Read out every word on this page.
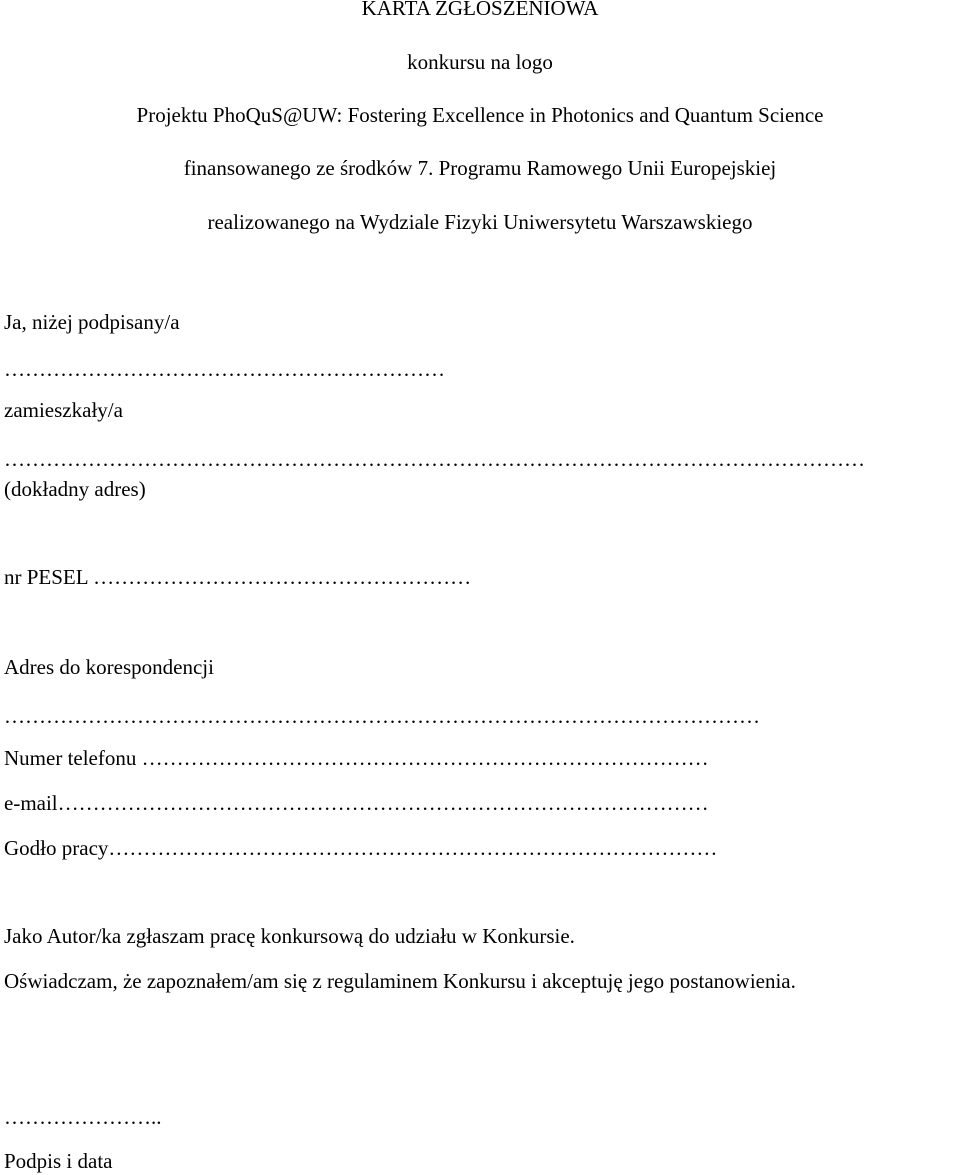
KARTA ZGŁOSZENIOWA
konkursu na logo
Projektu PhoQuS@UW: Fostering Excellence in Photonics and Quantum Science
finansowanego ze środków 7. Programu Ramowego Unii Europejskiej
realizowanego na Wydziale Fizyki Uniwersytetu Warszawskiego
Ja, niżej podpisany/a
………………………………………………………
zamieszkały/a
……………………………………………………………………………………………………………
(dokładny adres)
nr PESEL ………………………………………………
Adres do korespondencji
………………………………………………………………………………………………
Numer telefonu ………………………………………………………………………
e-mail…………………………………………………………………………………
Godło pracy……………………………………………………………………………
Jako Autor/ka zgłaszam pracę konkursową do udziału w Konkursie.
Oświadczam, że zapoznałem/am się z regulaminem Konkursu i akceptuję jego postanowienia.
…………………..
Podpis i data
